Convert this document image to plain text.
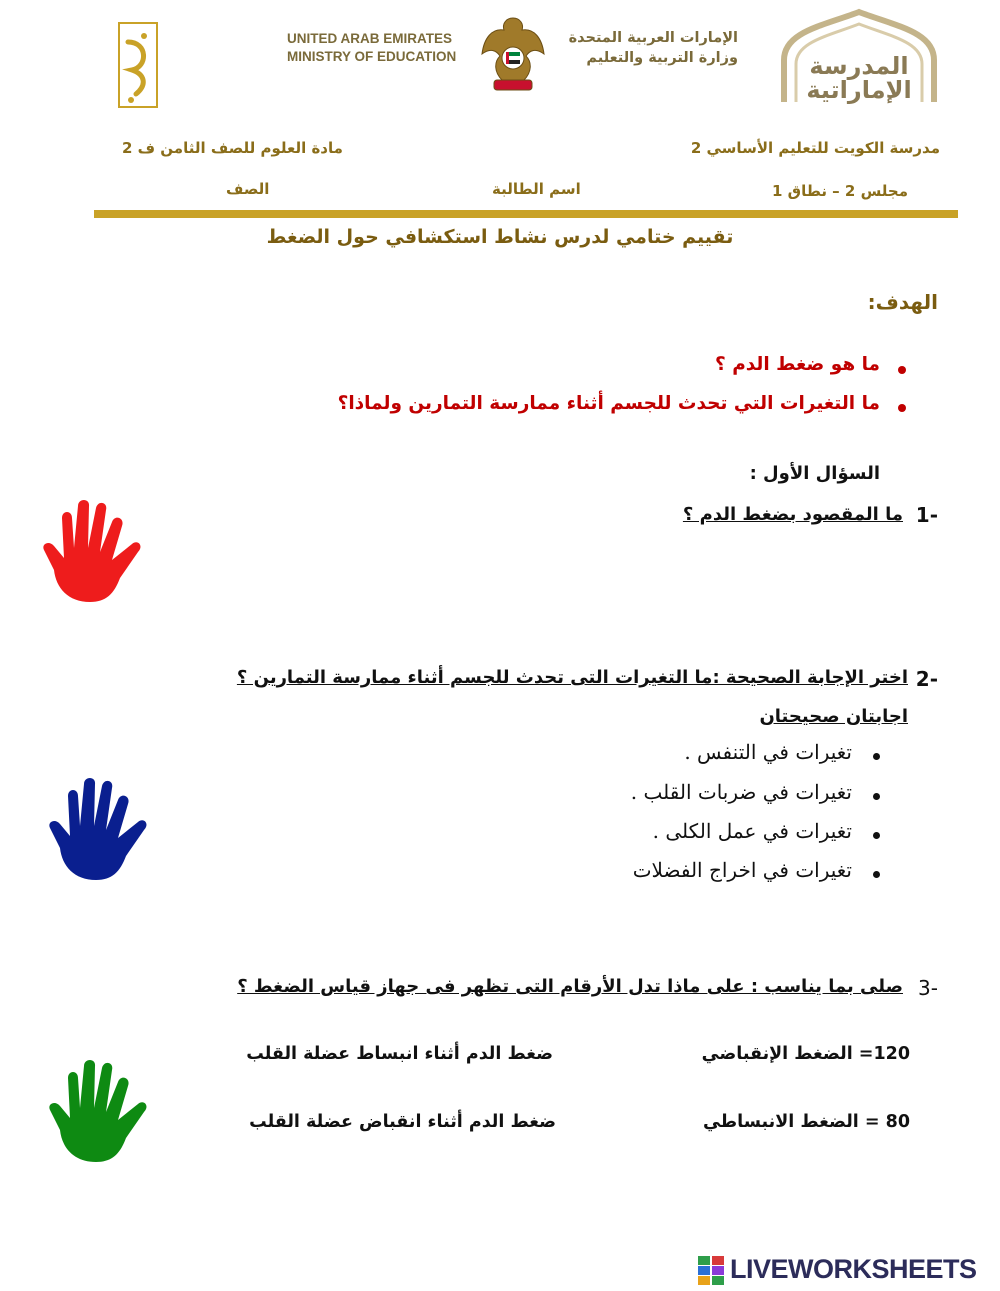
UNITED ARAB EMIRATES
MINISTRY OF EDUCATION
الإمارات العربية المتحدة
وزارة التربية والتعليم	المدرسة
الإماراتية
مدرسة الكويت للتعليم الأساسي 2
مادة العلوم للصف الثامن ف 2
مجلس 2 – نطاق 1
اسم الطالبة
الصف
تقييم ختامي لدرس نشاط استكشافي حول الضغط
الهدف:
ما هو ضغط الدم ؟
ما التغيرات التي تحدث للجسم أثناء ممارسة التمارين ولماذا؟
السؤال الأول :
1-
ما المقصود بضغط الدم ؟
2-
اختر الإجابة الصحيحة :ما التغيرات التى تحدث للجسم أثناء ممارسة التمارين ؟
اجابتان صحيحتان
تغيرات في التنفس .
تغيرات في ضربات القلب .
تغيرات في عمل الكلى .
تغيرات في اخراج الفضلات
3-
صلى بما يناسب : على ماذا تدل الأرقام التى تظهر فى جهاز قياس الضغط ؟
120= الضغط الإنقباضي
ضغط الدم أثناء انبساط عضلة القلب
80 = الضغط الانبساطي
ضغط الدم أثناء انقباض عضلة القلب
LIVEWORKSHEETS
